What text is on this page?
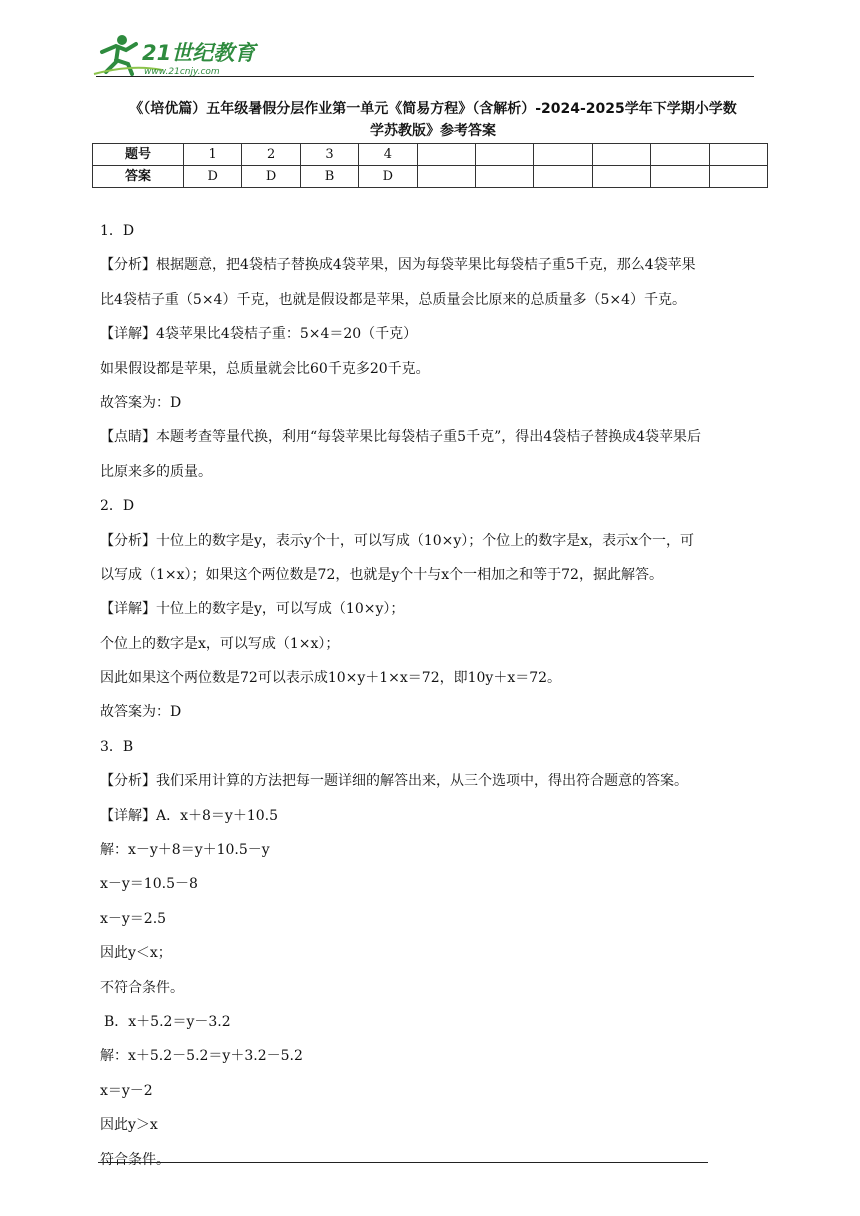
21世纪教育
www.21cnjy.com
《（培优篇）五年级暑假分层作业第一单元《简易方程》（含解析）-2024-2025学年下学期小学数
学苏教版》参考答案
题号	1	2	3	4						
答案	D	D	B	D						
1．D
【分析】根据题意，把4袋桔子替换成4袋苹果，因为每袋苹果比每袋桔子重5千克，那么4袋苹果
比4袋桔子重（5×4）千克，也就是假设都是苹果，总质量会比原来的总质量多（5×4）千克。
【详解】4袋苹果比4袋桔子重：5×4＝20（千克）
如果假设都是苹果，总质量就会比60千克多20千克。
故答案为：D
【点睛】本题考查等量代换，利用“每袋苹果比每袋桔子重5千克”，得出4袋桔子替换成4袋苹果后
比原来多的质量。
2．D
【分析】十位上的数字是y，表示y个十，可以写成（10×y）；个位上的数字是x，表示x个一，可
以写成（1×x）；如果这个两位数是72，也就是y个十与x个一相加之和等于72，据此解答。
【详解】十位上的数字是y，可以写成（10×y）；
个位上的数字是x，可以写成（1×x）；
因此如果这个两位数是72可以表示成10×y＋1×x＝72，即10y＋x＝72。
故答案为：D
3．B
【分析】我们采用计算的方法把每一题详细的解答出来，从三个选项中，得出符合题意的答案。
【详解】A．x＋8＝y＋10.5
解：x－y＋8＝y＋10.5－y
x－y＝10.5－8
x－y＝2.5
因此y＜x；
不符合条件。
B．x＋5.2＝y－3.2
解：x＋5.2－5.2＝y＋3.2－5.2
x＝y－2
因此y＞x
符合条件。
